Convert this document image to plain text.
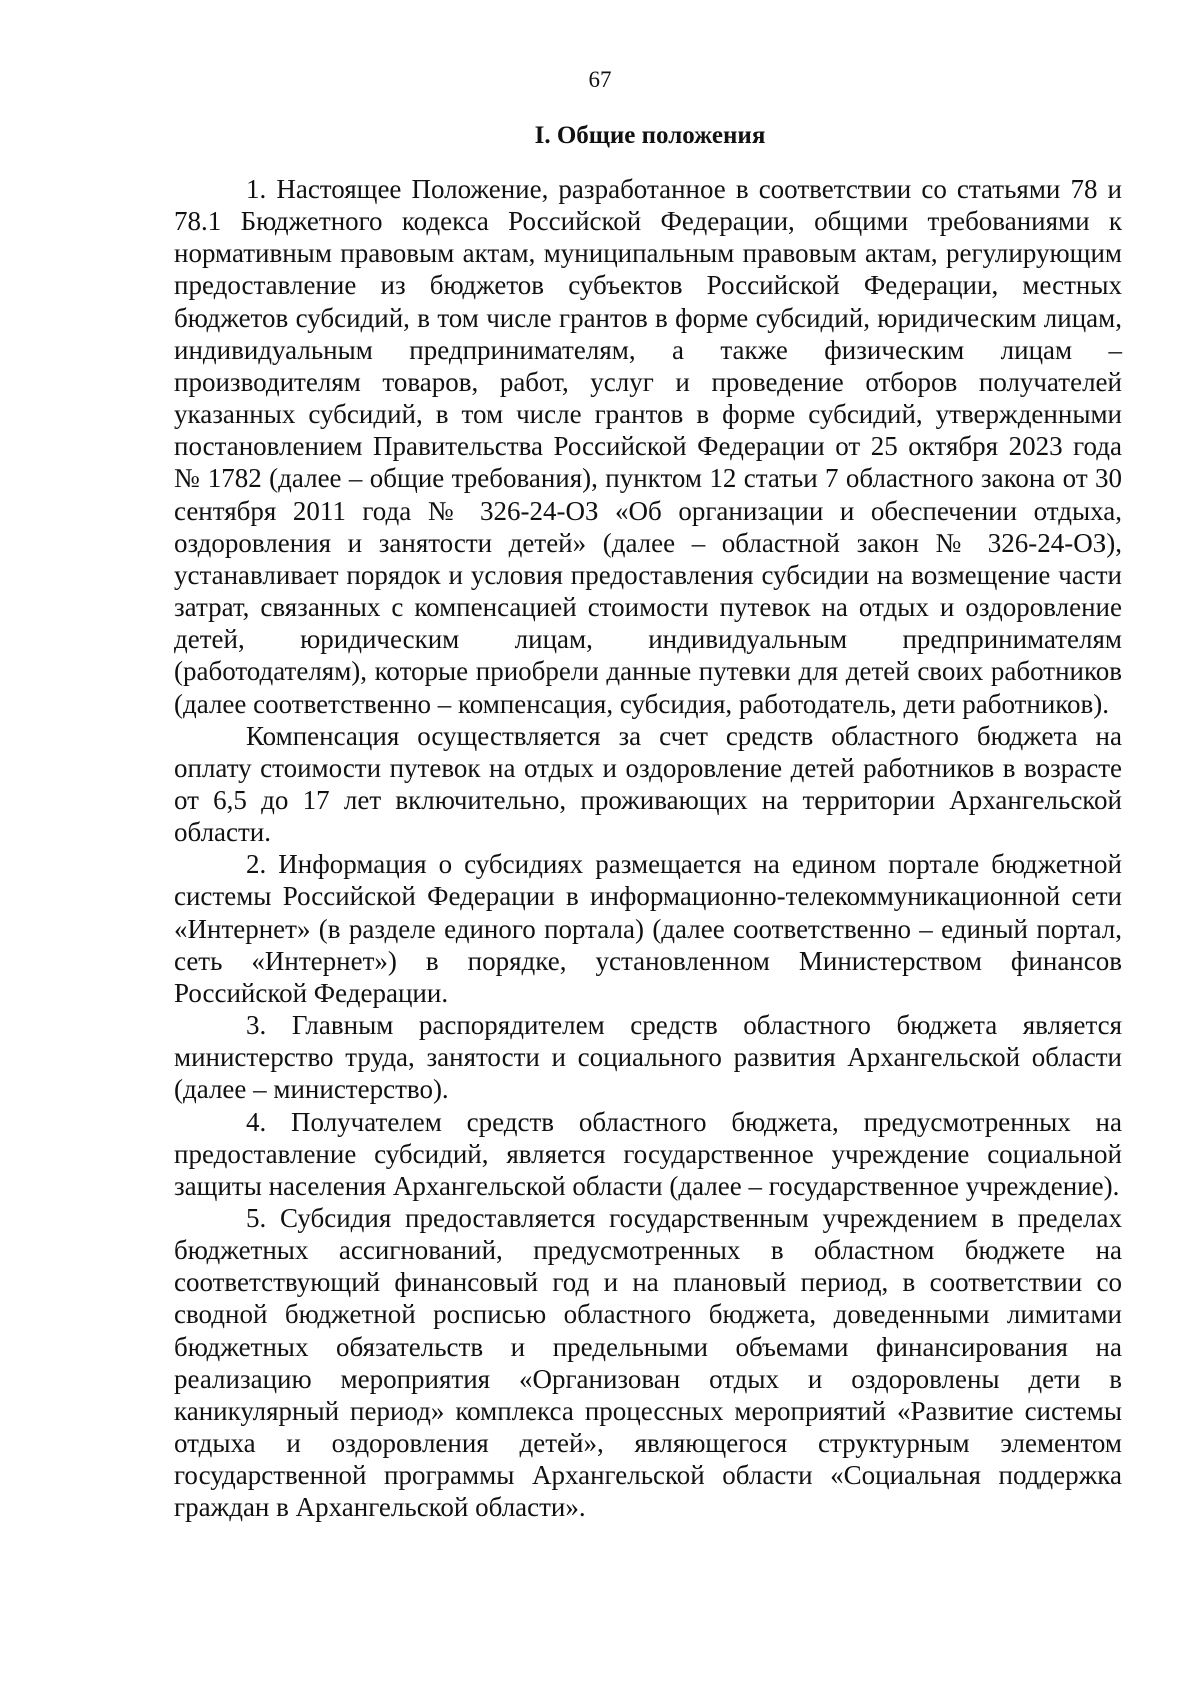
67
I. Общие положения

1. Настоящее Положение, разработанное в соответствии со статьями 78 и 78.1 Бюджетного кодекса Российской Федерации, общими требованиями к нормативным правовым актам, муниципальным правовым актам, регулирующим предоставление из бюджетов субъектов Российской Федерации, местных бюджетов субсидий, в том числе грантов в форме субсидий, юридическим лицам, индивидуальным предпринимателям, а также физическим лицам – производителям товаров, работ, услуг и проведение отборов получателей указанных субсидий, в том числе грантов в форме субсидий, утвержденными постановлением Правительства Российской Федерации от 25 октября 2023 года № 1782 (далее – общие требования), пунктом 12 статьи 7 областного закона от 30 сентября 2011 года № 326-24-ОЗ «Об организации и обеспечении отдыха, оздоровления и занятости детей» (далее – областной закон № 326-24-ОЗ), устанавливает порядок и условия предоставления субсидии на возмещение части затрат, связанных с компенсацией стоимости путевок на отдых и оздоровление детей, юридическим лицам, индивидуальным предпринимателям (работодателям), которые приобрели данные путевки для детей своих работников (далее соответственно – компенсация, субсидия, работодатель, дети работников).

Компенсация осуществляется за счет средств областного бюджета на оплату стоимости путевок на отдых и оздоровление детей работников в возрасте от 6,5 до 17 лет включительно, проживающих на территории Архангельской области.

2. Информация о субсидиях размещается на едином портале бюджетной системы Российской Федерации в информационно-телекоммуникационной сети «Интернет» (в разделе единого портала) (далее соответственно – единый портал, сеть «Интернет») в порядке, установленном Министерством финансов Российской Федерации.

3. Главным распорядителем средств областного бюджета является министерство труда, занятости и социального развития Архангельской области (далее – министерство).

4. Получателем средств областного бюджета, предусмотренных на предоставление субсидий, является государственное учреждение социальной защиты населения Архангельской области (далее – государственное учреждение).

5. Субсидия предоставляется государственным учреждением в пределах бюджетных ассигнований, предусмотренных в областном бюджете на соответствующий финансовый год и на плановый период, в соответствии со сводной бюджетной росписью областного бюджета, доведенными лимитами бюджетных обязательств и предельными объемами финансирования на реализацию мероприятия «Организован отдых и оздоровлены дети в каникулярный период» комплекса процессных мероприятий «Развитие системы отдыха и оздоровления детей», являющегося структурным элементом государственной программы Архангельской области «Социальная поддержка граждан в Архангельской области».
